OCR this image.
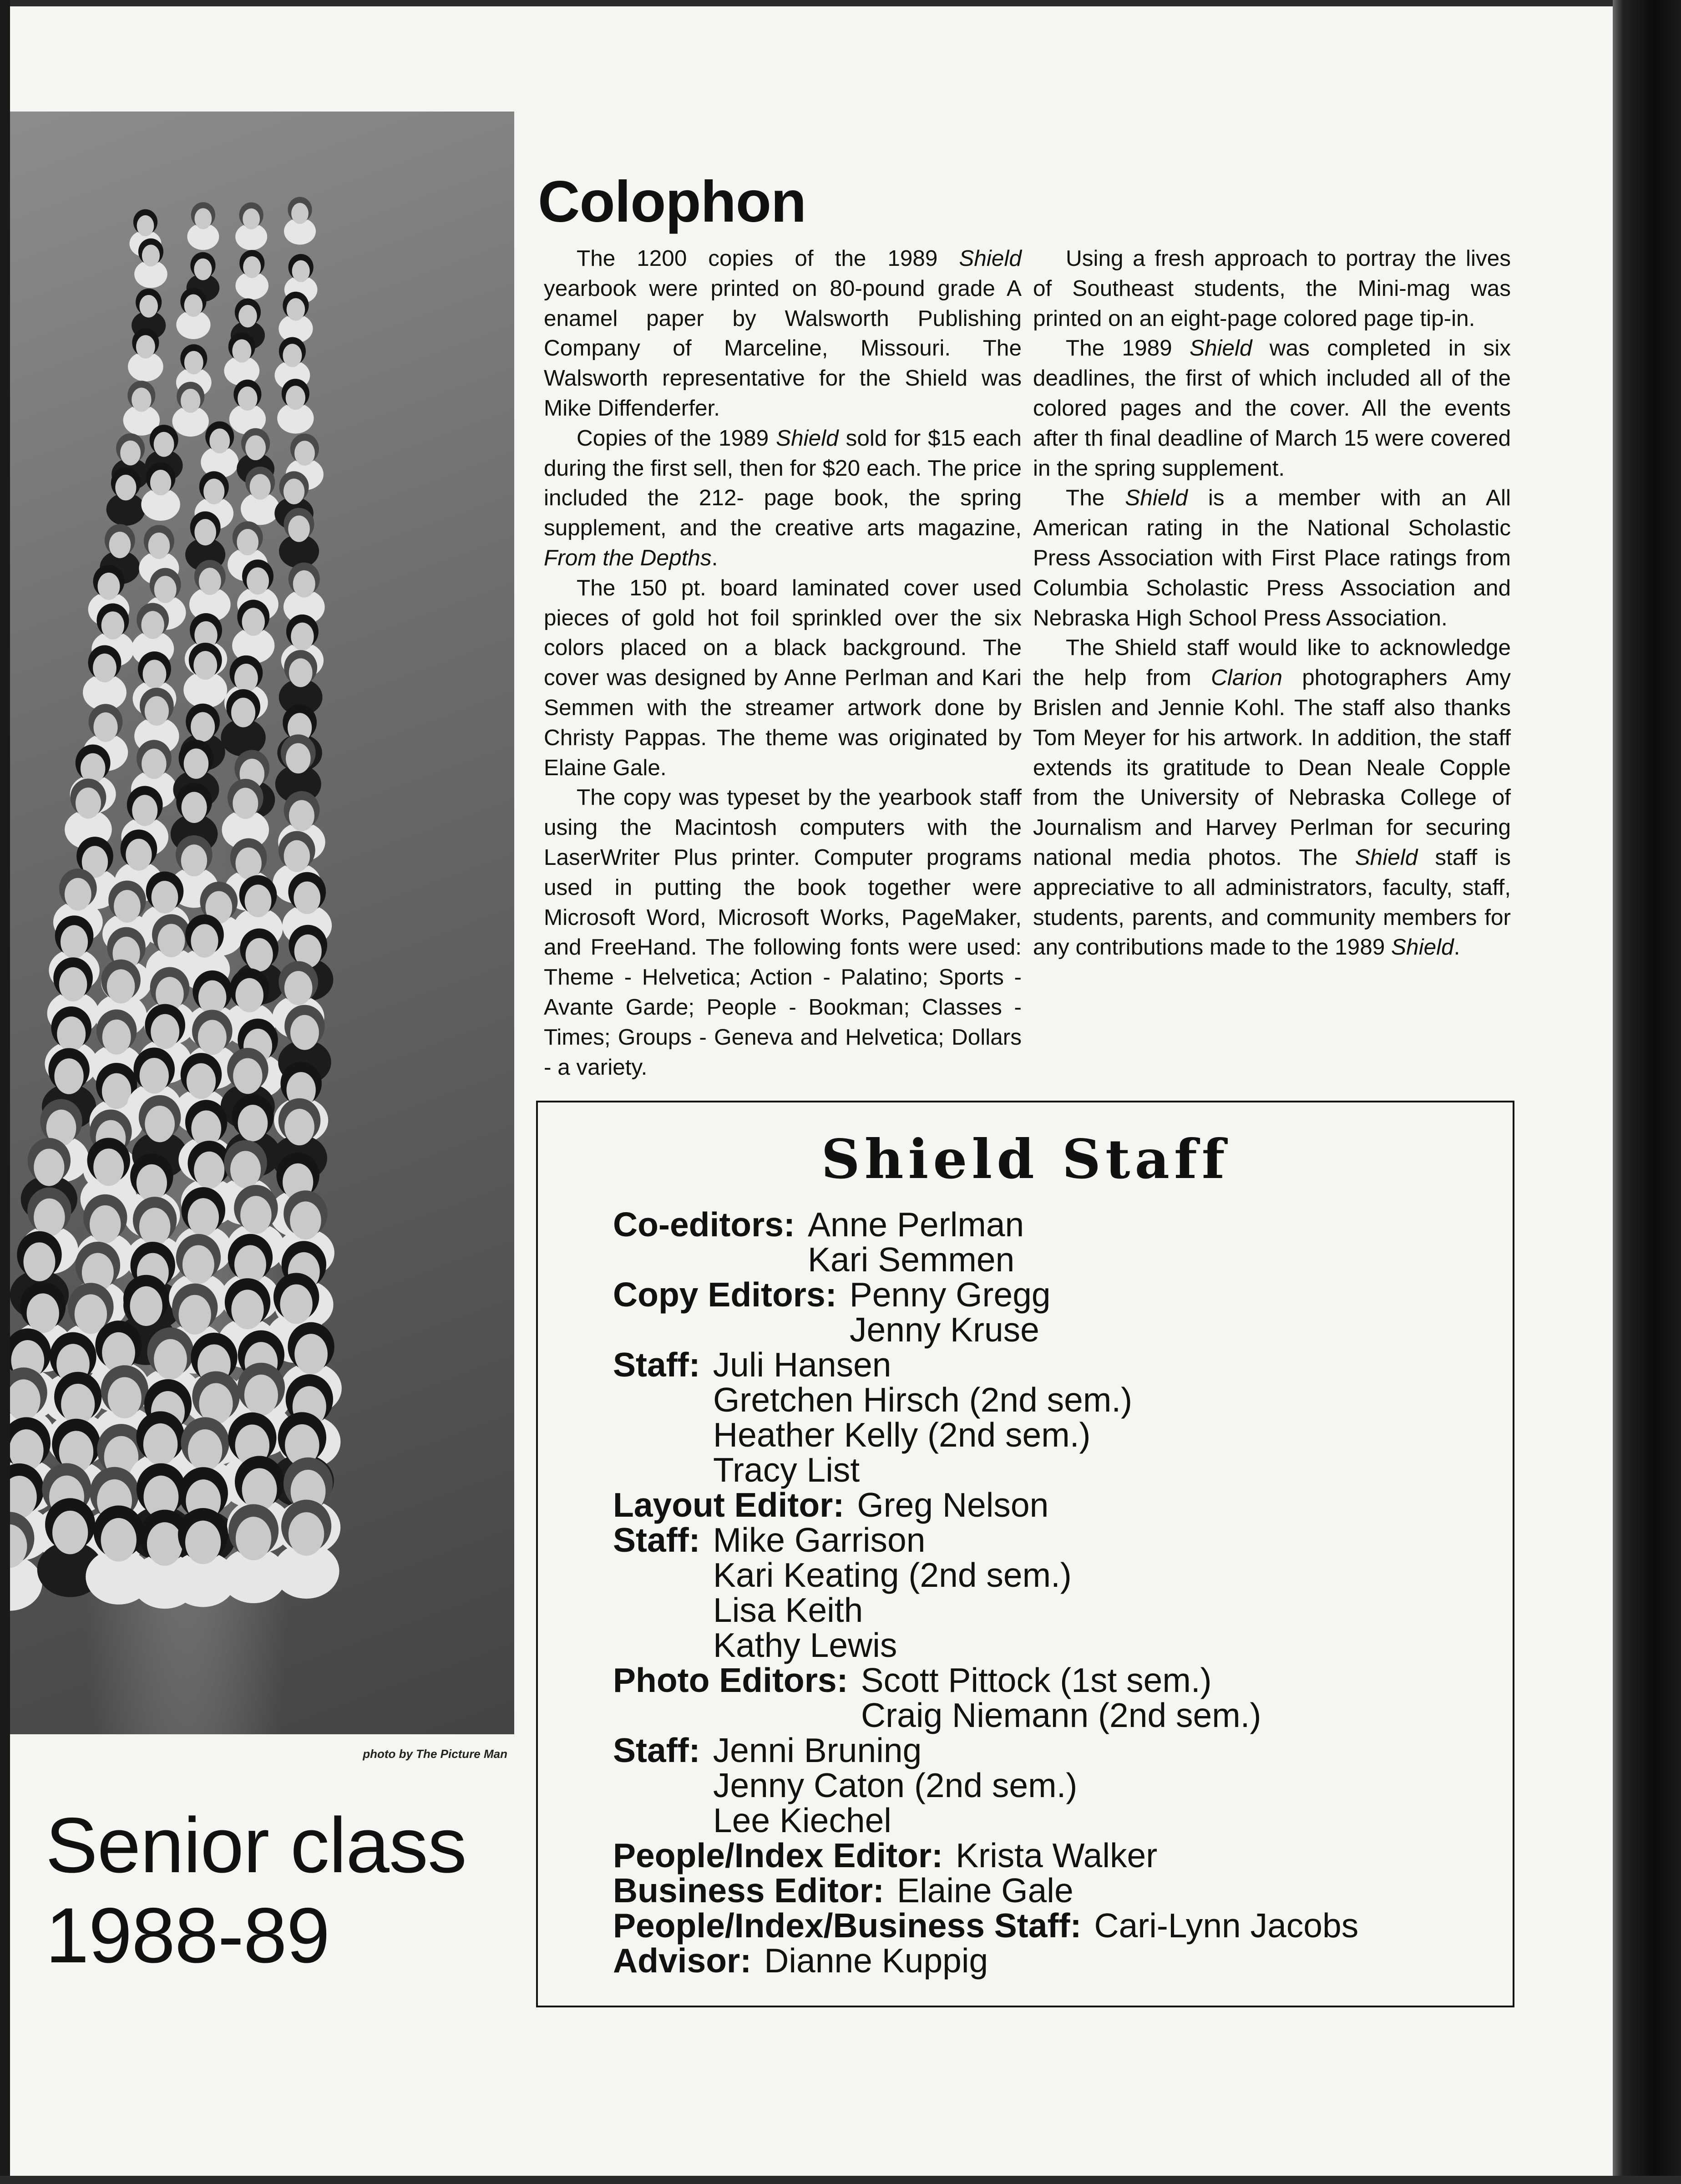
photo by The Picture Man
Senior class
1988-89
Colophon

The 1200 copies of the 1989 Shield yearbook were printed on 80-pound grade A enamel paper by Walsworth Publishing Company of Marceline, Missouri. The Walsworth representative for the Shield was Mike Diffenderfer.

Copies of the 1989 Shield sold for $15 each during the first sell, then for $20 each. The price included the 212- page book, the spring supplement, and the creative arts magazine, From the Depths.

The 150 pt. board laminated cover used pieces of gold hot foil sprinkled over the six colors placed on a black background. The cover was designed by Anne Perlman and Kari Semmen with the streamer artwork done by Christy Pappas. The theme was originated by Elaine Gale.

The copy was typeset by the yearbook staff using the Macintosh computers with the LaserWriter Plus printer. Computer programs used in putting the book together were Microsoft Word, Microsoft Works, PageMaker, and FreeHand. The following fonts were used: Theme - Helvetica; Action - Palatino; Sports - Avante Garde; People - Bookman; Classes - Times; Groups - Geneva and Helvetica; Dollars - a variety.

Using a fresh approach to portray the lives of Southeast students, the Mini-mag was printed on an eight-page colored page tip-in.

The 1989 Shield was completed in six deadlines, the first of which included all of the colored pages and the cover. All the events after th final deadline of March 15 were covered in the spring supplement.

The Shield is a member with an All American rating in the National Scholastic Press Association with First Place ratings from Columbia Scholastic Press Association and Nebraska High School Press Association.

The Shield staff would like to acknowledge the help from Clarion photographers Amy Brislen and Jennie Kohl. The staff also thanks Tom Meyer for his artwork. In addition, the staff extends its gratitude to Dean Neale Copple from the University of Nebraska College of Journalism and Harvey Perlman for securing national media photos. The Shield staff is appreciative to all administrators, faculty, staff, students, parents, and community members for any contributions made to the 1989 Shield.

Shield Staff
Co-editors: Anne Perlman
Kari Semmen
Copy Editors: Penny Gregg
Jenny Kruse
Staff: Juli Hansen
Gretchen Hirsch (2nd sem.)
Heather Kelly (2nd sem.)
Tracy List
Layout Editor: Greg Nelson
Staff: Mike Garrison
Kari Keating (2nd sem.)
Lisa Keith
Kathy Lewis
Photo Editors: Scott Pittock (1st sem.)
Craig Niemann (2nd sem.)
Staff: Jenni Bruning
Jenny Caton (2nd sem.)
Lee Kiechel
People/Index Editor: Krista Walker
Business Editor: Elaine Gale
People/Index/Business Staff: Cari-Lynn Jacobs
Advisor: Dianne Kuppig
